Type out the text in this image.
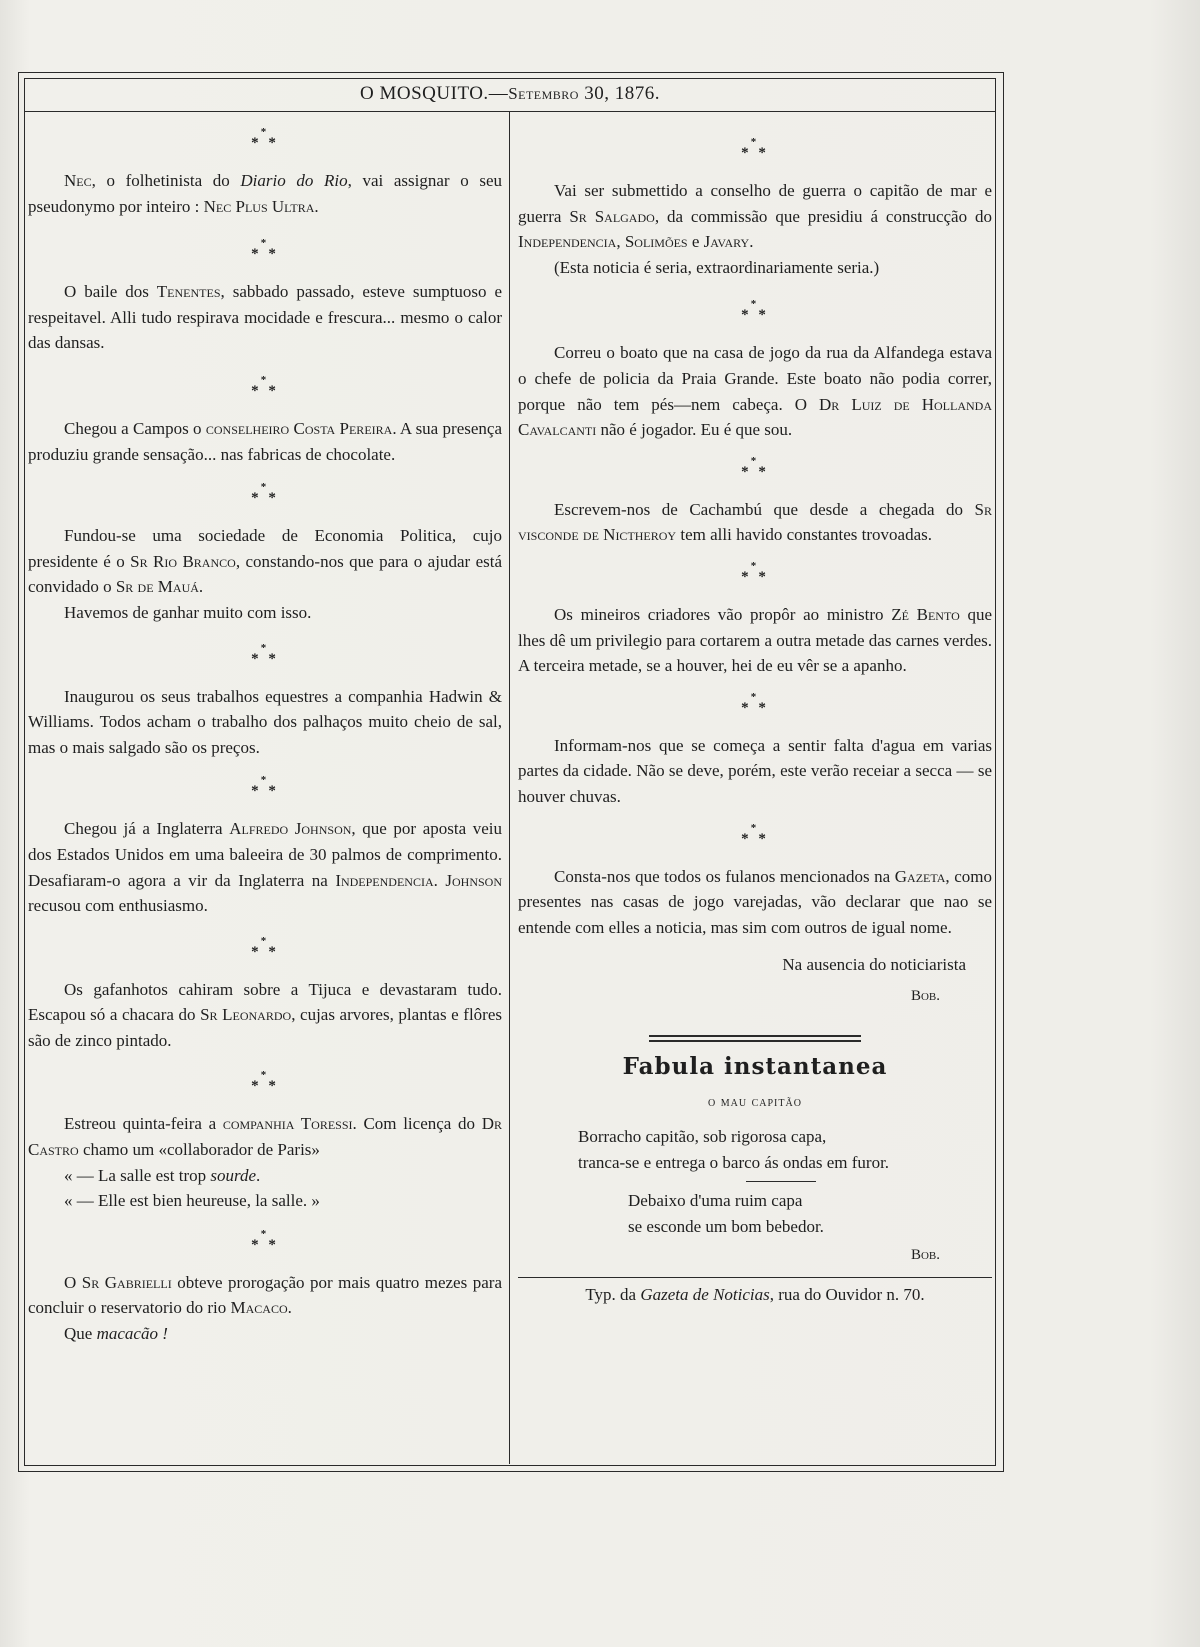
O MOSQUITO.—Setembro 30, 1876.
*
* *

Nec, o folhetinista do Diario do Rio, vai assignar o seu pseudonymo por inteiro : Nec Plus Ultra.

*
* *

O baile dos Tenentes, sabbado passado, esteve sumptuoso e respeitavel. Alli tudo respirava mocidade e frescura... mesmo o calor das dansas.

*
* *

Chegou a Campos o conselheiro Costa Pereira. A sua presença produziu grande sensação... nas fabricas de chocolate.

*
* *

Fundou-se uma sociedade de Economia Politica, cujo presidente é o Sr Rio Branco, constando-nos que para o ajudar está convidado o Sr de Mauá.

Havemos de ganhar muito com isso.

*
* *

Inaugurou os seus trabalhos equestres a companhia Hadwin & Williams. Todos acham o trabalho dos palhaços muito cheio de sal, mas o mais salgado são os preços.

*
* *

Chegou já a Inglaterra Alfredo Johnson, que por aposta veiu dos Estados Unidos em uma baleeira de 30 palmos de comprimento. Desafiaram-o agora a vir da Inglaterra na Independencia. Johnson recusou com enthusiasmo.

*
* *

Os gafanhotos cahiram sobre a Tijuca e devastaram tudo. Escapou só a chacara do Sr Leonardo, cujas arvores, plantas e flôres são de zinco pintado.

*
* *

Estreou quinta-feira a companhia Toressi. Com licença do Dr Castro chamo um «collaborador de Paris»

« — La salle est trop sourde.

« — Elle est bien heureuse, la salle. »

*
* *

O Sr Gabrielli obteve prorogação por mais quatro mezes para concluir o reservatorio do rio Macaco.

Que macacão !

*
* *

Vai ser submettido a conselho de guerra o capitão de mar e guerra Sr Salgado, da commissão que presidiu á construcção do Independencia, Solimões e Javary.

(Esta noticia é seria, extraordinariamente seria.)

*
* *

Correu o boato que na casa de jogo da rua da Alfandega estava o chefe de policia da Praia Grande. Este boato não podia correr, porque não tem pés—nem cabeça. O Dr Luiz de Hollanda Cavalcanti não é jogador. Eu é que sou.

*
* *

Escrevem-nos de Cachambú que desde a chegada do Sr visconde de Nictheroy tem alli havido constantes trovoadas.

*
* *

Os mineiros criadores vão propôr ao ministro Zé Bento que lhes dê um privilegio para cortarem a outra metade das carnes verdes. A terceira metade, se a houver, hei de eu vêr se a apanho.

*
* *

Informam-nos que se começa a sentir falta d'agua em varias partes da cidade. Não se deve, porém, este verão receiar a secca — se houver chuvas.

*
* *

Consta-nos que todos os fulanos mencionados na Gazeta, como presentes nas casas de jogo varejadas, vão declarar que nao se entende com elles a noticia, mas sim com outros de igual nome.

Na ausencia do noticiarista

Bob.

Fabula instantanea

o mau capitão

Borracho capitão, sob rigorosa capa,

tranca-se e entrega o barco ás ondas em furor.

Debaixo d'uma ruim capa

se esconde um bom bebedor.

Bob.

Typ. da Gazeta de Noticias, rua do Ouvidor n. 70.
